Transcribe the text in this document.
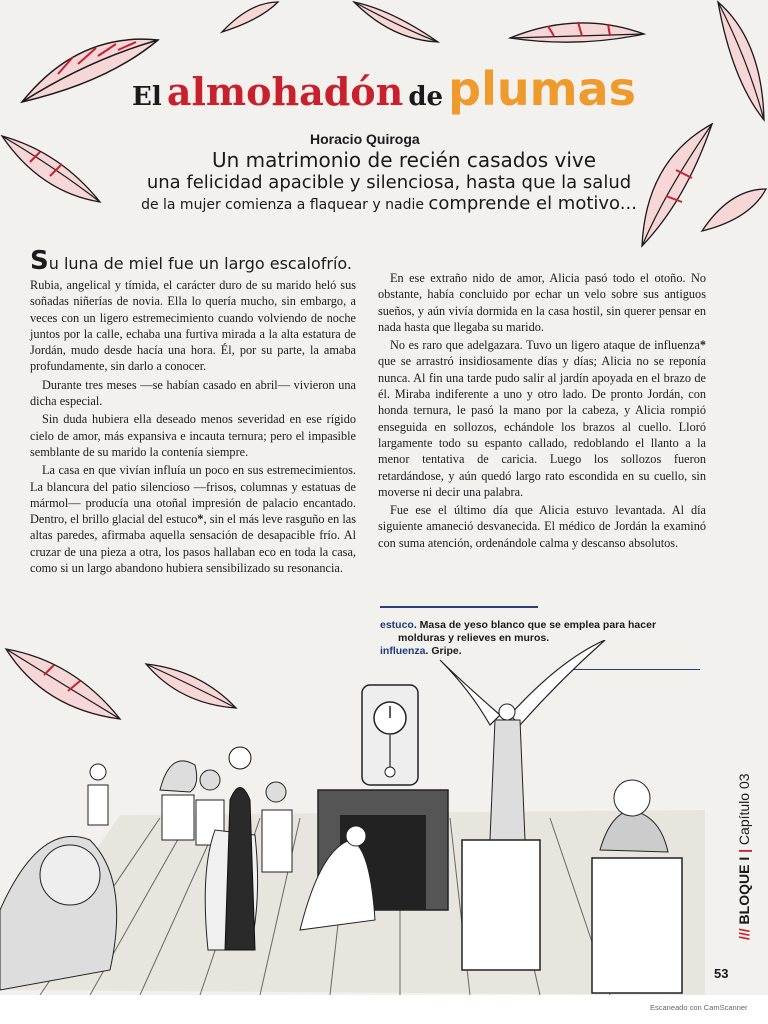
El almohadón de plumas
Horacio Quiroga
Un matrimonio de recién casados vive
una felicidad apacible y silenciosa, hasta que la salud
de la mujer comienza a flaquear y nadie comprende el motivo...
Su luna de miel fue un largo escalofrío.

Rubia, angelical y tímida, el carácter duro de su marido heló sus soñadas niñerías de novia. Ella lo quería mucho, sin embargo, a veces con un ligero estremecimiento cuando volviendo de noche juntos por la calle, echaba una furtiva mirada a la alta estatura de Jordán, mudo desde hacía una hora. Él, por su parte, la amaba profundamente, sin darlo a conocer.

Durante tres meses —se habían casado en abril— vivieron una dicha especial.

Sin duda hubiera ella deseado menos severidad en ese rígido cielo de amor, más expansiva e incauta ternura; pero el impasible semblante de su marido la contenía siempre.

La casa en que vivían influía un poco en sus estremecimientos. La blancura del patio silencioso —frisos, columnas y estatuas de mármol— producía una otoñal impresión de palacio encantado. Dentro, el brillo glacial del estuco*, sin el más leve rasguño en las altas paredes, afirmaba aquella sensación de desapacible frío. Al cruzar de una pieza a otra, los pasos hallaban eco en toda la casa, como si un largo abandono hubiera sensibilizado su resonancia.

En ese extraño nido de amor, Alicia pasó todo el otoño. No obstante, había concluido por echar un velo sobre sus antiguos sueños, y aún vivía dormida en la casa hostil, sin querer pensar en nada hasta que llegaba su marido.

No es raro que adelgazara. Tuvo un ligero ataque de influenza* que se arrastró insidiosamente días y días; Alicia no se reponía nunca. Al fin una tarde pudo salir al jardín apoyada en el brazo de él. Miraba indiferente a uno y otro lado. De pronto Jordán, con honda ternura, le pasó la mano por la cabeza, y Alicia rompió enseguida en sollozos, echándole los brazos al cuello. Lloró largamente todo su espanto callado, redoblando el llanto a la menor tentativa de caricia. Luego los sollozos fueron retardándose, y aún quedó largo rato escondida en su cuello, sin moverse ni decir una palabra.

Fue ese el último día que Alicia estuvo levantada. Al día siguiente amaneció desvanecida. El médico de Jordán la examinó con suma atención, ordenándole calma y descanso absolutos.

estuco. Masa de yeso blanco que se emplea para hacer
molduras y relieves en muros.
influenza. Gripe.
/// BLOQUE I | Capítulo 03
53
Escaneado con CamScanner
